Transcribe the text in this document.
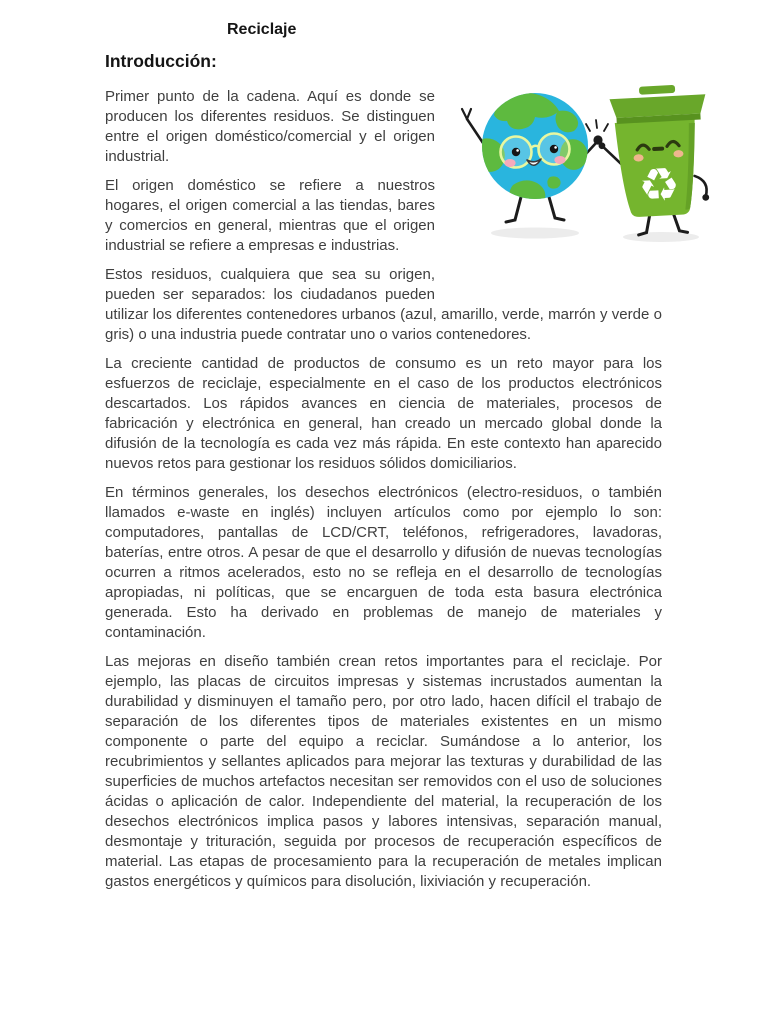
Reciclaje
Introducción:
♻

Primer punto de la cadena. Aquí es donde se producen los diferentes residuos. Se distinguen entre el origen doméstico/comercial y el origen industrial.

El origen doméstico se refiere a nuestros hogares, el origen comercial a las tiendas, bares y comercios en general, mientras que el origen industrial se refiere a empresas e industrias.

Estos residuos, cualquiera que sea su origen, pueden ser separados: los ciudadanos pueden utilizar los diferentes contenedores urbanos (azul, amarillo, verde, marrón y verde o gris) o una industria puede contratar uno o varios contenedores.

La creciente cantidad de productos de consumo es un reto mayor para los esfuerzos de reciclaje, especialmente en el caso de los productos electrónicos descartados. Los rápidos avances en ciencia de materiales, procesos de fabricación y electrónica en general, han creado un mercado global donde la difusión de la tecnología es cada vez más rápida. En este contexto han aparecido nuevos retos para gestionar los residuos sólidos domiciliarios.

En términos generales, los desechos electrónicos (electro-residuos, o también llamados e-waste en inglés) incluyen artículos como por ejemplo lo son: computadores, pantallas de LCD/CRT, teléfonos, refrigeradores, lavadoras, baterías, entre otros. A pesar de que el desarrollo y difusión de nuevas tecnologías ocurren a ritmos acelerados, esto no se refleja en el desarrollo de tecnologías apropiadas, ni políticas, que se encarguen de toda esta basura electrónica generada. Esto ha derivado en problemas de manejo de materiales y contaminación.

Las mejoras en diseño también crean retos importantes para el reciclaje. Por ejemplo, las placas de circuitos impresas y sistemas incrustados aumentan la durabilidad y disminuyen el tamaño pero, por otro lado, hacen difícil el trabajo de separación de los diferentes tipos de materiales existentes en un mismo componente o parte del equipo a reciclar. Sumándose a lo anterior, los recubrimientos y sellantes aplicados para mejorar las texturas y durabilidad de las superficies de muchos artefactos necesitan ser removidos con el uso de soluciones ácidas o aplicación de calor. Independiente del material, la recuperación de los desechos electrónicos implica pasos y labores intensivas, separación manual, desmontaje y trituración, seguida por procesos de recuperación específicos de material. Las etapas de procesamiento para la recuperación de metales implican gastos energéticos y químicos para disolución, lixiviación y recuperación.
